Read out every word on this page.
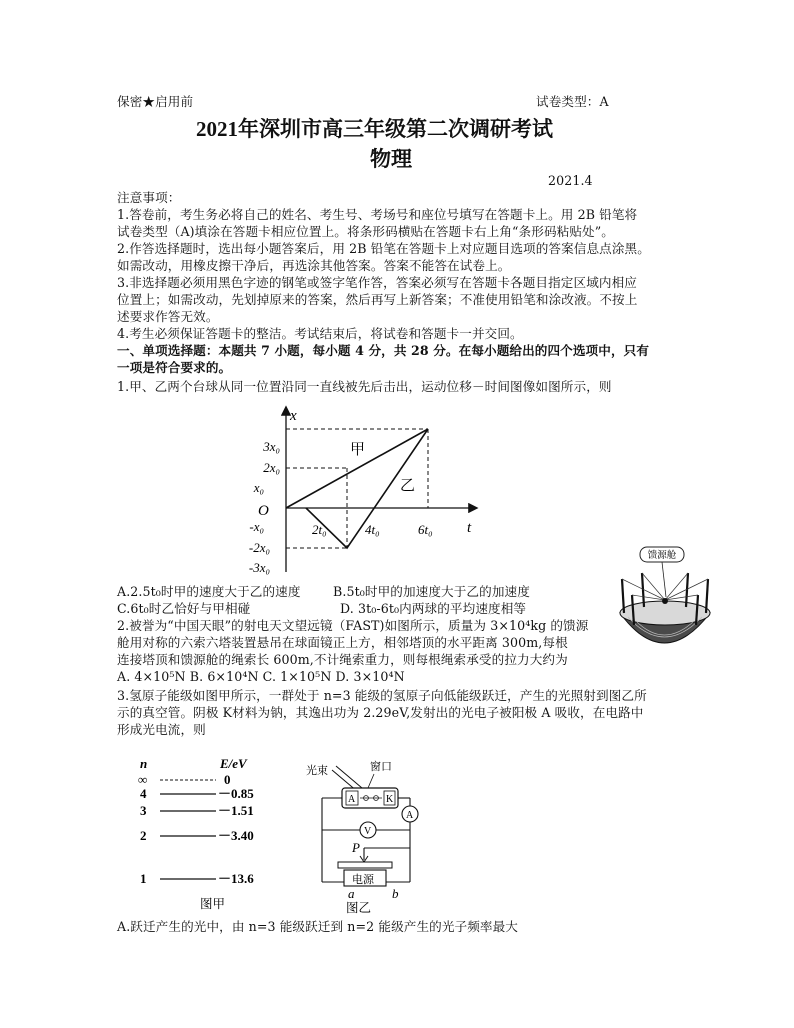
保密★启用前	试卷类型：A
2021年深圳市高三年级第二次调研考试
物理
2021.4
注意事项：
1.答卷前，考生务必将自己的姓名、考生号、考场号和座位号填写在答题卡上。用 2B 铅笔将
试卷类型（A)填涂在答题卡相应位置上。将条形码横贴在答题卡右上角“条形码粘贴处”。
2.作答选择题时，选出每小题答案后，用 2B 铅笔在答题卡上对应题目选项的答案信息点涂黑。
如需改动，用橡皮擦干净后，再选涂其他答案。答案不能答在试卷上。
3.非选择题必须用黑色字迹的钢笔或签字笔作答，答案必须写在答题卡各题目指定区域内相应
位置上；如需改动，先划掉原来的答案，然后再写上新答案；不准使用铅笔和涂改液。不按上
述要求作答无效。
4.考生必须保证答题卡的整洁。考试结束后，将试卷和答题卡一并交回。
一、单项选择题：本题共 7 小题，每小题 4 分，共 28 分。在每小题给出的四个选项中，只有
一项是符合要求的。
1.甲、乙两个台球从同一位置沿同一直线被先后击出，运动位移－时间图像如图所示，则
x
t
O
3x₀
2x₀
x₀
-x₀
-2x₀
-3x₀
2t₀	4t₀	6t₀
甲
乙
A.2.5t₀时甲的速度大于乙的速度	B.5t₀时甲的加速度大于乙的加速度
C.6t₀时乙恰好与甲相碰	D. 3t₀-6t₀内两球的平均速度相等
馈源舱
2.被誉为“中国天眼”的射电天文望远镜（FAST)如图所示，质量为 3×10⁴kg 的馈源
舱用对称的六索六塔装置悬吊在球面镜正上方，相邻塔顶的水平距离 300m,每根
连接塔顶和馈源舱的绳索长 600m,不计绳索重力，则每根绳索承受的拉力大约为
A. 4×10⁵N B. 6×10⁴N C. 1×10⁵N D. 3×10⁴N
3.氢原子能级如图甲所示，一群处于 n=3 能级的氢原子向低能级跃迁，产生的光照射到图乙所
示的真空管。阴极 K材料为钠，其逸出功为 2.29eV,发射出的光电子被阳极 A 吸收，在电路中
形成光电流，则
n	E/eV
∞	0
4	－0.85
3	－1.51
2	－3.40
1	－13.6
图甲
光束	窗口
A	K
A
V
P
电源
a	b
图乙
A.跃迁产生的光中，由 n=3 能级跃迁到 n=2 能级产生的光子频率最大
